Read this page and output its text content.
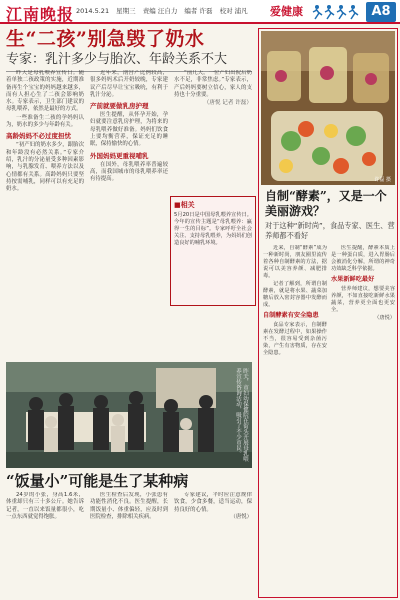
江南晚报 2014.5.21 星期三 责编 汪自力 编者 许磊 校对 浦凡	爱健康	A8
生“二孩”别急毁了奶水
专家：乳汁多少与胎次、年龄关系不大

昨天是母乳喂养宣传日。随着单独二孩政策的实施，近期准备再生个宝宝的妈妈越来越多，而有人担心生了二孩会影响奶水。专家表示，卫生部门建议的母乳喂养，依然是最好的方式。

一些准备生二孩的孕妈妈认为，奶水的多少与年龄有关。

高龄妈妈不必过度担忧

“初产妇的奶水多少，跟胎次和年龄没有必然关系。”专家介绍，乳汁的分泌量受多种因素影响，与乳腺发育、喂养方法以及心情都有关系。高龄妈妈只要坚持按需哺乳，同样可以有充足的奶水。

近年来，剖宫产比例较高，很多妈妈术后开奶较晚，专家建议产后尽早让宝宝吸吮，有利于乳汁分泌。

产前就要做乳房护理

医生提醒，从怀孕开始，孕妇就要注意乳房护理，为将来的母乳喂养做好准备。妈妈们饮食上要均衡营养，保证充足的睡眠，保持愉快的心情。

外国妈妈更重视哺乳

在国外，母乳喂养率普遍较高，而我国城市的母乳喂养率还有待提高。

“前几天，一位产妇出院后奶水不足，非常焦虑。”专家表示，产后妈妈要树立信心，家人的支持也十分重要。

（唐悦 记者 许磊）
■相关
5月20日是中国母乳喂养宣传日。今年的宣传主题是“母乳喂养：赢得一生的目标”。专家呼吁全社会关注、支持母乳喂养，为妈妈们创造良好的哺乳环境。
昨天，市妇幼保健院在街头开展母乳喂养宣传咨询活动，吸引了不少市民。
“饭量小”可能是生了某种病

24岁的小张，身高1.6米，体重却只有三十多公斤。她告诉记者，一直以来饭量都很小，吃一点东西就觉得饱胀。

医生检查后发现，小张患有功能性消化不良。医生提醒，长期饭量小、体重偏轻，应及时到医院检查，排除相关疾病。

专家建议，平时应注意规律饮食，少食多餐，适当运动，保持良好的心情。

（唐悦）
许磊 摄
自制“酵素”，又是一个美丽游戏？
对于这种“新时尚”，食品专家、医生、营养师都不看好

近来，自制“酵素”成为一种新时尚，朋友圈里流传着各种自制酵素的方法，据说可以美容养颜、减肥排毒。

记者了解到，所谓自制酵素，就是将水果、蔬菜加糖后放入密封容器中发酵而成。

自制酵素有安全隐患

食品专家表示，自制酵素在发酵过程中，如果操作不当，很容易受到杂菌污染，产生有害物质，存在安全隐患。

医生提醒，酵素本质上是一种蛋白质，进入胃肠后会被消化分解，所谓的神奇功效缺乏科学依据。

水果新鲜吃最好

营养师建议，想要美容养颜，不如直接吃新鲜水果蔬菜，营养更全面也更安全。

（唐悦）
